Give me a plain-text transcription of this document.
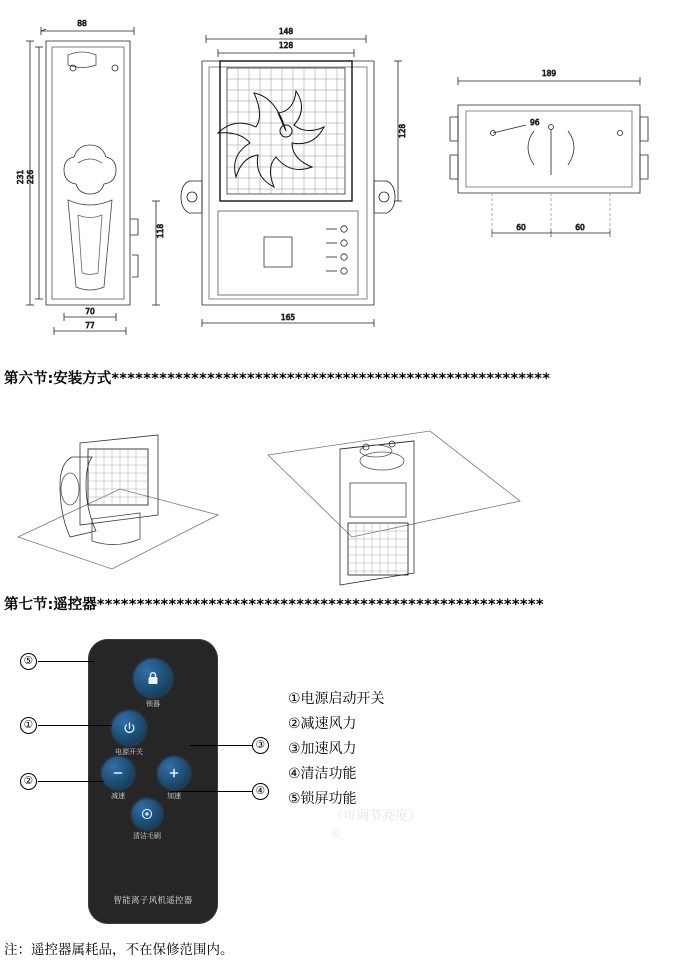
88
231 226
118
70
77
148
128
128
165
189
96
60	60
第六节:安装方式*******************************************************
第七节:遥控器********************************************************
锁器
电源开关
减速	加速
清洁毛刷
智能离子风机遥控器
⑤
①
②
③
④
①电源启动开关
②减速风力
③加速风力
④清洁功能
⑤锁屏功能
（可调节亮度）
⑥
注：遥控器属耗品，不在保修范围内。
